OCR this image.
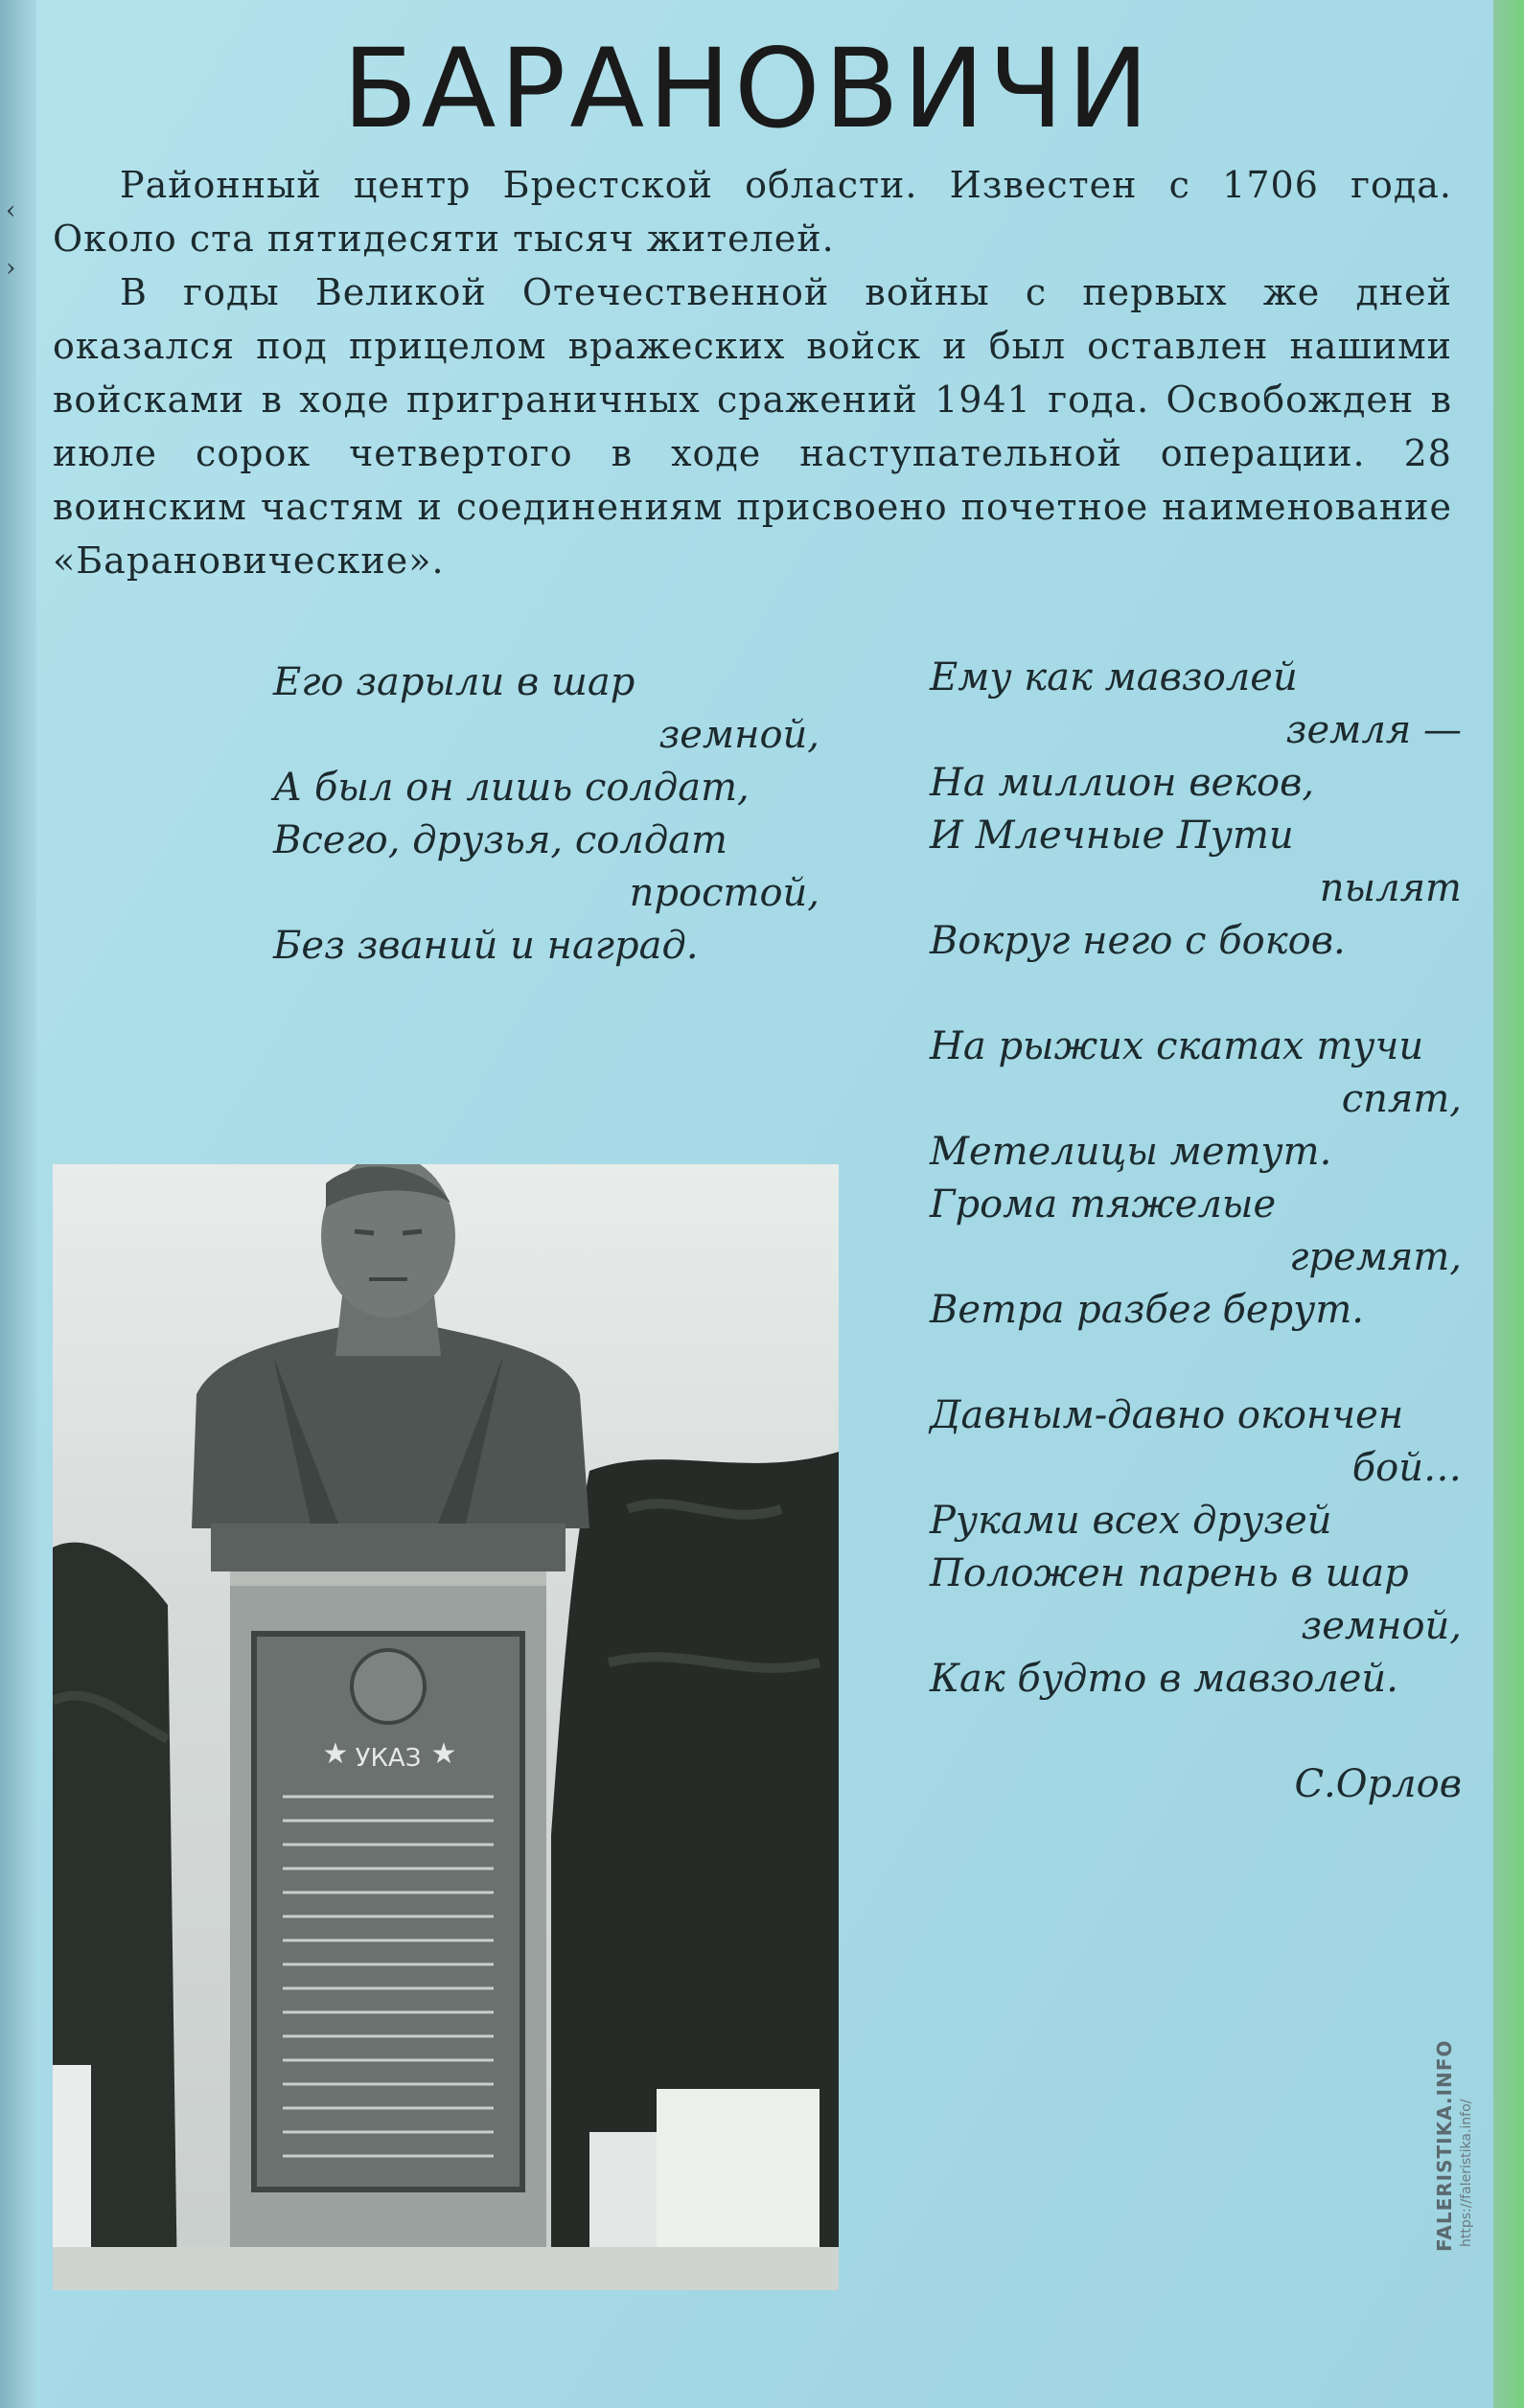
‹
›
БАРАНОВИЧИ

Районный центр Брестской области. Известен с 1706 года. Около ста пятидесяти тысяч жителей.

В годы Великой Отечественной войны с первых же дней оказался под прицелом вражеских войск и был оставлен нашими войсками в ходе приграничных сражений 1941 года. Освобожден в июле сорок четвертого в ходе наступательной операции. 28 воинским частям и соединениям присвоено почетное наименование «Барановические».

Его зарыли в шар
земной,
А был он лишь солдат,
Всего, друзья, солдат
простой,
Без званий и наград.
Ему как мавзолей
земля —
На миллион веков,
И Млечные Пути
пылят
Вокруг него с боков.
На рыжих скатах тучи
спят,
Метелицы метут.
Грома тяжелые
гремят,
Ветра разбег берут.
Давным-давно окончен
бой…
Руками всех друзей
Положен парень в шар
земной,
Как будто в мавзолей.
С.Орлов
★	★
УКАЗ
FALERISTIKA.INFO https://faleristika.info/
